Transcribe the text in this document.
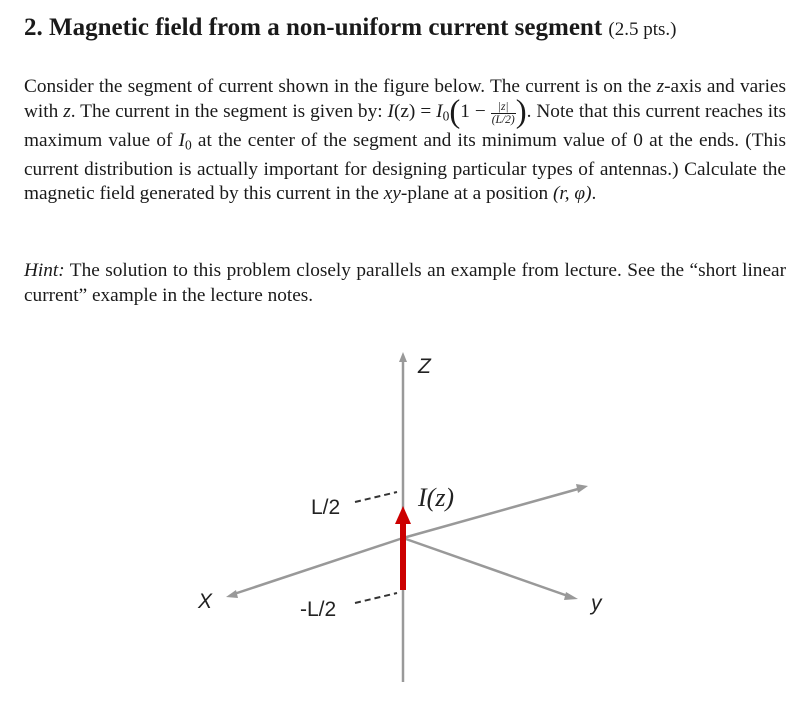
2. Magnetic field from a non-uniform current segment (2.5 pts.)
Consider the segment of current shown in the figure below. The current is on the z-axis and varies with z. The current in the segment is given by: $I(z) = I_0(1 - \frac{|z|}{(L/2)}$ ). Note that this current reaches its maximum value of $I_0$ at the center of the segment and its minimum value of 0 at the ends. (This current distribution is actually important for designing particular types of antennas.) Calculate the magnetic field generated by this current in the xy-plane at a position (r, φ).
Hint: The solution to this problem closely parallels an example from lecture. See the “short linear current” example in the lecture notes.
Z
X	y
L/2
-L/2
I(z)
